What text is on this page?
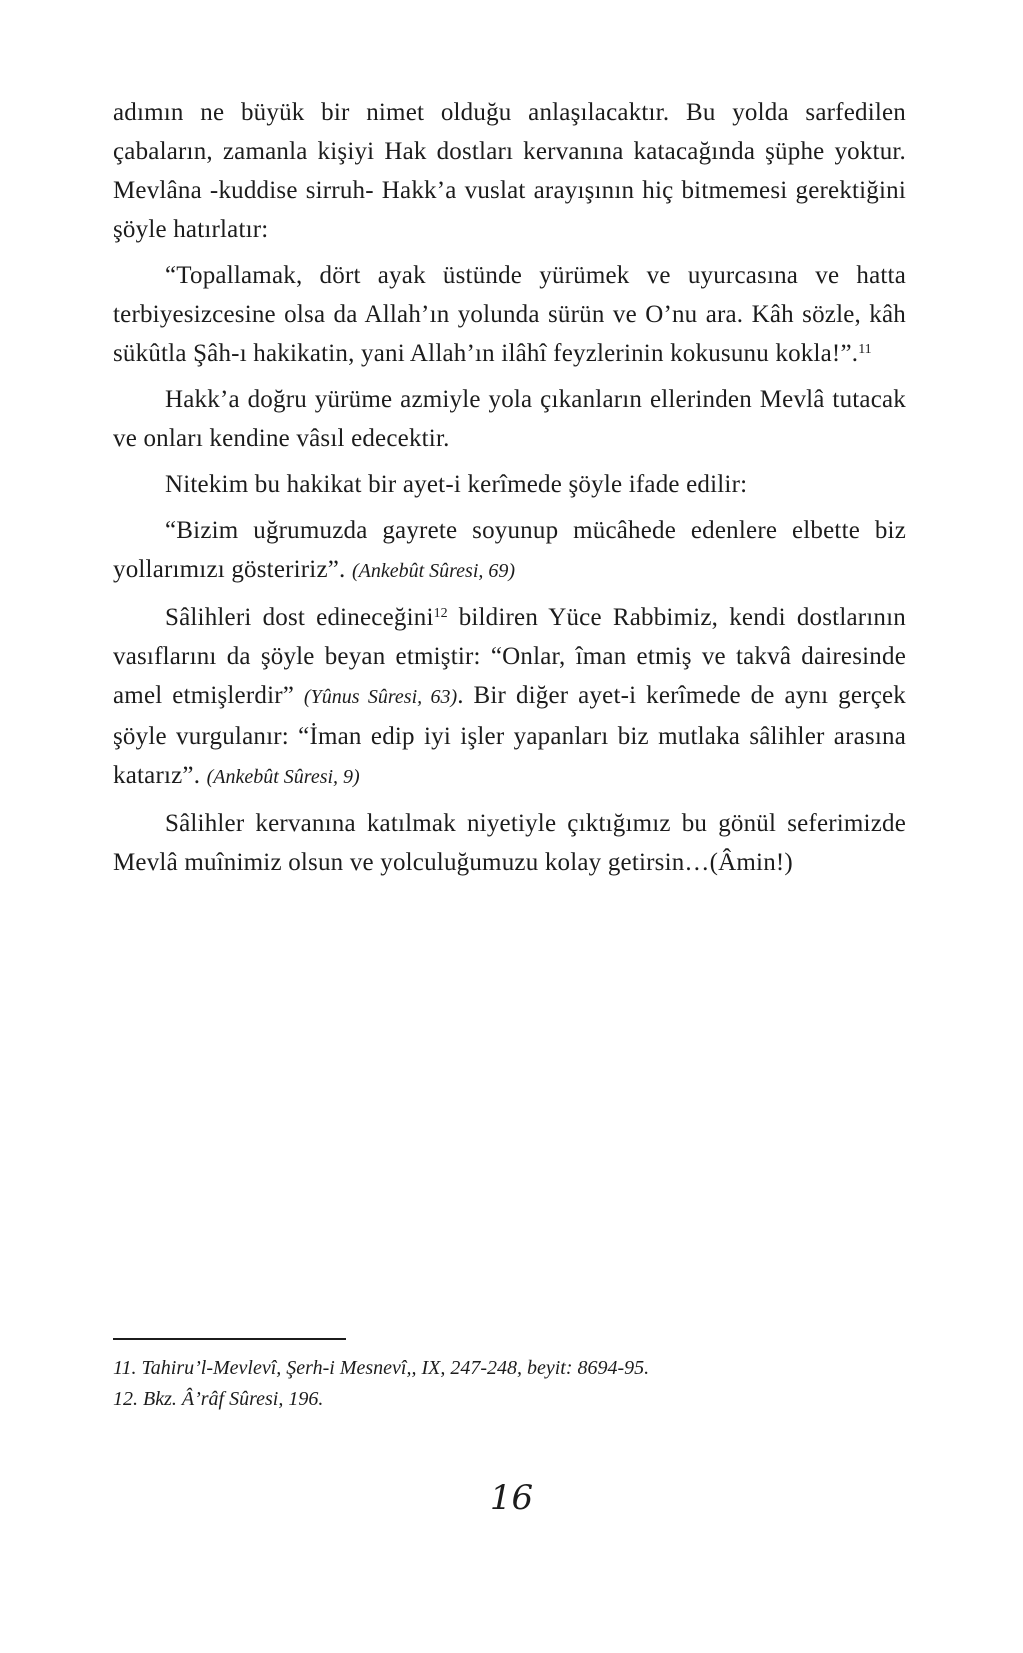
adımın ne büyük bir nimet olduğu anlaşılacaktır. Bu yolda sarfedilen çabaların, zamanla kişiyi Hak dostları kervanına katacağında şüphe yoktur. Mevlâna -kuddise sirruh- Hakk’a vuslat arayışının hiç bitmemesi gerektiğini şöyle hatırlatır:

“Topallamak, dört ayak üstünde yürümek ve uyurcasına ve hatta terbiyesizcesine olsa da Allah’ın yolunda sürün ve O’nu ara. Kâh sözle, kâh sükûtla Şâh-ı hakikatin, yani Allah’ın ilâhî feyzlerinin kokusunu kokla!”.$^{11}$

Hakk’a doğru yürüme azmiyle yola çıkanların ellerinden Mevlâ tutacak ve onları kendine vâsıl edecektir.

Nitekim bu hakikat bir ayet-i kerîmede şöyle ifade edilir:

“Bizim uğrumuzda gayrete soyunup mücâhede edenlere elbette biz yollarımızı gösteririz”. (Ankebût Sûresi, 69)

Sâlihleri dost edineceğini$^{12}$ bildiren Yüce Rabbimiz, kendi dostlarının vasıflarını da şöyle beyan etmiştir: “Onlar, îman etmiş ve takvâ dairesinde amel etmişlerdir” (Yûnus Sûresi, 63). Bir diğer ayet-i kerîmede de aynı gerçek şöyle vurgulanır: “İman edip iyi işler yapanları biz mutlaka sâlihler arasına katarız”. (Ankebût Sûresi, 9)

Sâlihler kervanına katılmak niyetiyle çıktığımız bu gönül seferimizde Mevlâ muînimiz olsun ve yolculuğumuzu kolay getirsin…(Âmin!)

11. Tahiru’l-Mevlevî, Şerh-i Mesnevî,, IX, 247-248, beyit: 8694-95.

12. Bkz. Â’râf Sûresi, 196.

16
